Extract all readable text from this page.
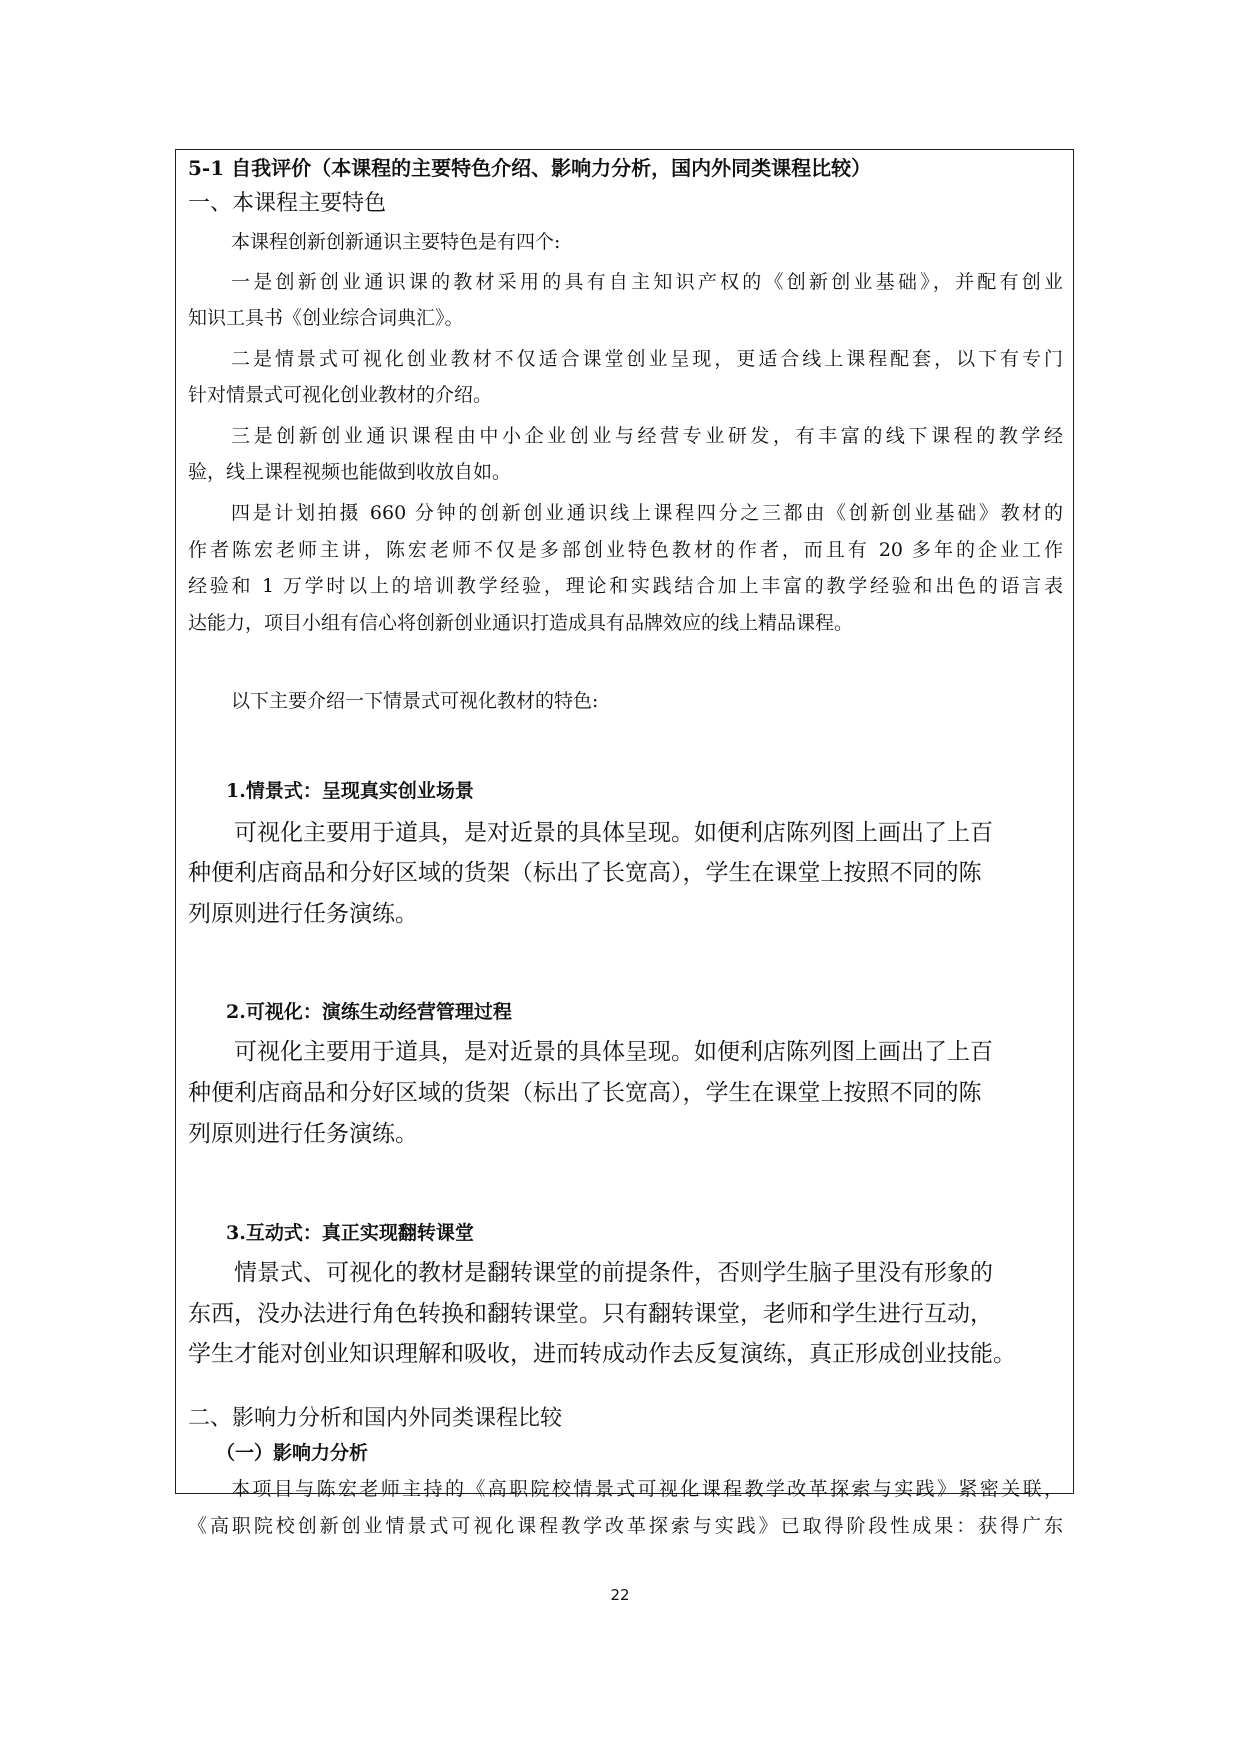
5-1 自我评价（本课程的主要特色介绍、影响力分析，国内外同类课程比较）
一、本课程主要特色
本课程创新创新通识主要特色是有四个:
一是创新创业通识课的教材采用的具有自主知识产权的《创新创业基础》，并配有创业
知识工具书《创业综合词典汇》。
二是情景式可视化创业教材不仅适合课堂创业呈现，更适合线上课程配套，以下有专门
针对情景式可视化创业教材的介绍。
三是创新创业通识课程由中小企业创业与经营专业研发，有丰富的线下课程的教学经
验，线上课程视频也能做到收放自如。
四是计划拍摄 660 分钟的创新创业通识线上课程四分之三都由《创新创业基础》教材的
作者陈宏老师主讲，陈宏老师不仅是多部创业特色教材的作者，而且有 20 多年的企业工作
经验和 1 万学时以上的培训教学经验，理论和实践结合加上丰富的教学经验和出色的语言表
达能力，项目小组有信心将创新创业通识打造成具有品牌效应的线上精品课程。
以下主要介绍一下情景式可视化教材的特色:
1.情景式：呈现真实创业场景
可视化主要用于道具，是对近景的具体呈现。如便利店陈列图上画出了上百
种便利店商品和分好区域的货架（标出了长宽高），学生在课堂上按照不同的陈
列原则进行任务演练。
2.可视化：演练生动经营管理过程
可视化主要用于道具，是对近景的具体呈现。如便利店陈列图上画出了上百
种便利店商品和分好区域的货架（标出了长宽高），学生在课堂上按照不同的陈
列原则进行任务演练。
3.互动式：真正实现翻转课堂
情景式、可视化的教材是翻转课堂的前提条件，否则学生脑子里没有形象的
东西，没办法进行角色转换和翻转课堂。只有翻转课堂，老师和学生进行互动，
学生才能对创业知识理解和吸收，进而转成动作去反复演练，真正形成创业技能。
二、影响力分析和国内外同类课程比较
（一）影响力分析
本项目与陈宏老师主持的《高职院校情景式可视化课程教学改革探索与实践》紧密关联，
《高职院校创新创业情景式可视化课程教学改革探索与实践》已取得阶段性成果：获得广东
22
